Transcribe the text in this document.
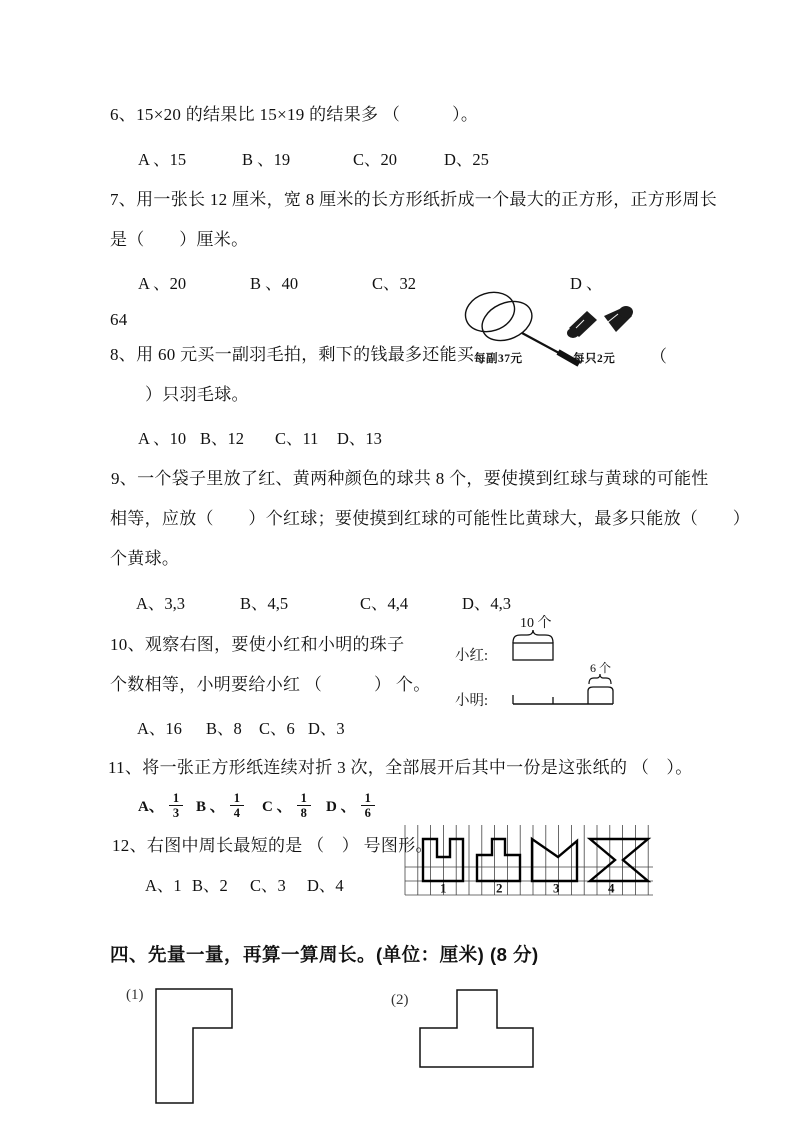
6、15×20 的结果比 15×19 的结果多 （　　　）。
A 、15	B 、19	C、20	D、25
7、用一张长 12 厘米，宽 8 厘米的长方形纸折成一个最大的正方形，正方形周长
是（　　）厘米。
A 、20	B 、40	C、32	D 、
64
每副37元	每只2元 （
8、用 60 元买一副羽毛拍，剩下的钱最多还能买
）只羽毛球。
A 、10 B、12 C、11 D、13
9、一个袋子里放了红、黄两种颜色的球共 8 个，要使摸到红球与黄球的可能性
相等，应放（　　）个红球；要使摸到红球的可能性比黄球大，最多只能放（　　）
个黄球。
A、3,3	B、4,5	C、4,4	D、4,3
10、观察右图，要使小红和小明的珠子
个数相等，小明要给小红 （　　　） 个。
A、16 B、8 C、6 D、3
10 个
小红:
6 个
小明:
11、将一张正方形纸连续对折 3 次，全部展开后其中一份是这张纸的 （　）。
A、 $\frac{1}{3}$ B 、 $\frac{1}{4}$ C 、 $\frac{1}{8}$ D 、 $\frac{1}{6}$
12、右图中周长最短的是 （　） 号图形。
A、1 B、2 C、3 D、4	1	2	3	4
四、先量一量，再算一算周长。(单位：厘米) (8 分)
(1)	(2)
